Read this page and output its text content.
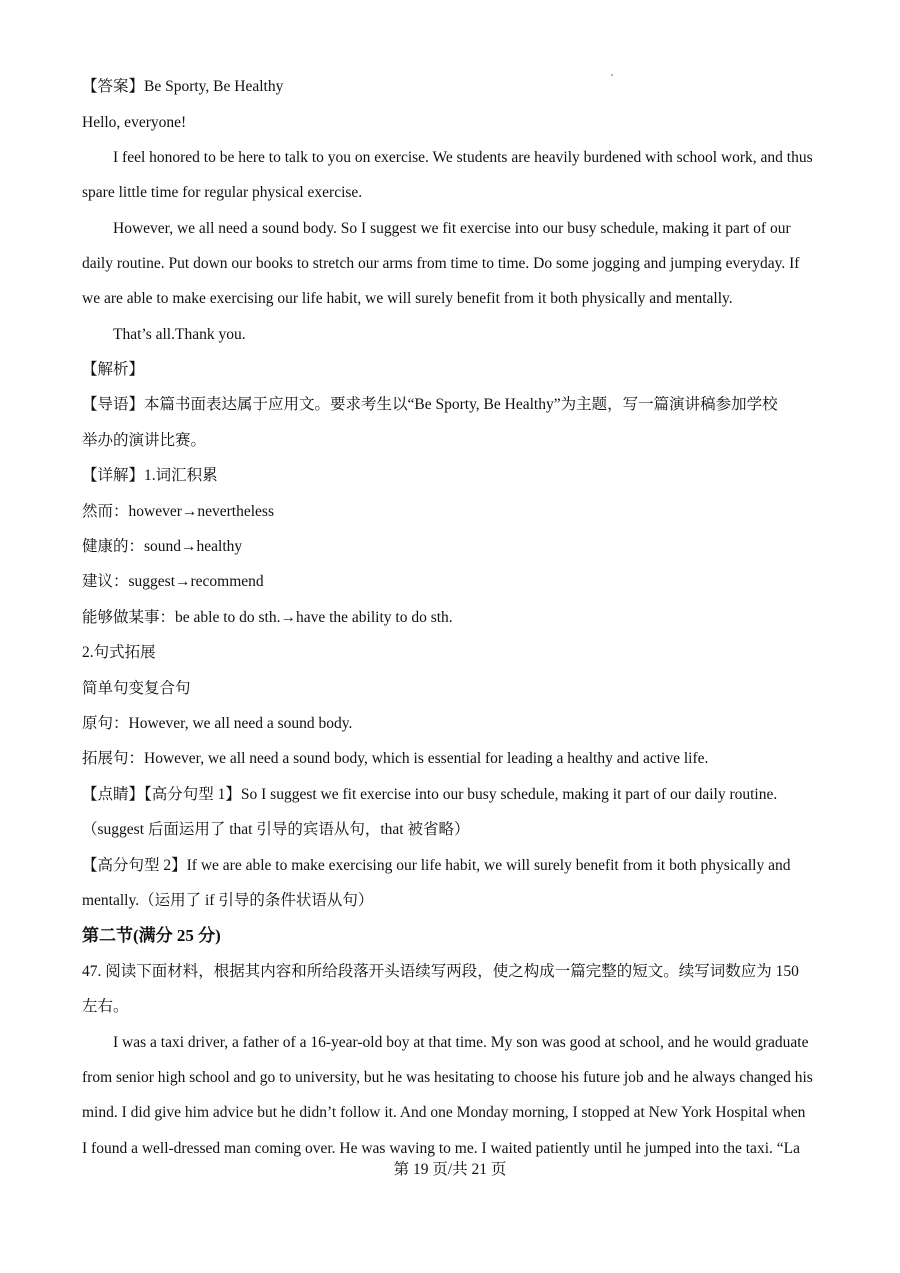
【答案】Be Sporty, Be Healthy
Hello, everyone!
I feel honored to be here to talk to you on exercise. We students are heavily burdened with school work, and thus
spare little time for regular physical exercise.
However, we all need a sound body. So I suggest we fit exercise into our busy schedule, making it part of our
daily routine. Put down our books to stretch our arms from time to time. Do some jogging and jumping everyday. If
we are able to make exercising our life habit, we will surely benefit from it both physically and mentally.
That’s all.Thank you.
【解析】
【导语】本篇书面表达属于应用文。要求考生以“Be Sporty, Be Healthy”为主题，写一篇演讲稿参加学校
举办的演讲比赛。
【详解】1.词汇积累
然而：however→nevertheless
健康的：sound→healthy
建议：suggest→recommend
能够做某事：be able to do sth.→have the ability to do sth.
2.句式拓展
简单句变复合句
原句：However, we all need a sound body.
拓展句：However, we all need a sound body, which is essential for leading a healthy and active life.
【点睛】【高分句型 1】So I suggest we fit exercise into our busy schedule, making it part of our daily routine.
（suggest 后面运用了 that 引导的宾语从句，that 被省略）
【高分句型 2】If we are able to make exercising our life habit, we will surely benefit from it both physically and
mentally.（运用了 if 引导的条件状语从句）
第二节(满分 25 分)
47. 阅读下面材料，根据其内容和所给段落开头语续写两段，使之构成一篇完整的短文。续写词数应为 150
左右。
I was a taxi driver, a father of a 16-year-old boy at that time. My son was good at school, and he would graduate
from senior high school and go to university, but he was hesitating to choose his future job and he always changed his
mind. I did give him advice but he didn’t follow it. And one Monday morning, I stopped at New York Hospital when
I found a well-dressed man coming over. He was waving to me. I waited patiently until he jumped into the taxi. “La
第 19 页/共 21 页
